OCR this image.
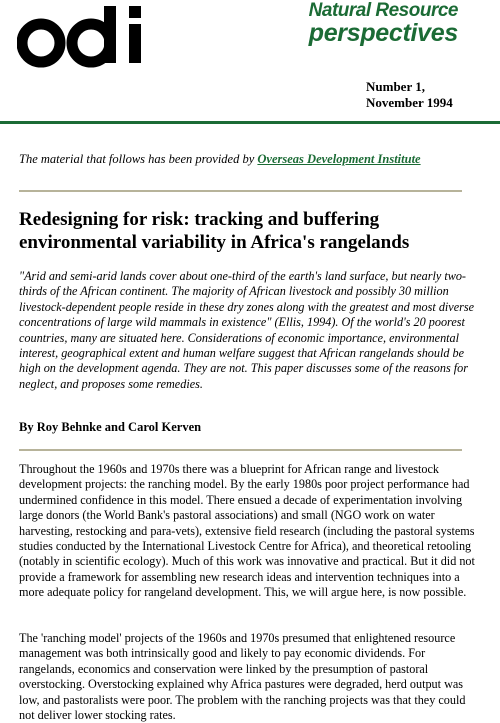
Natural Resource
perspectives
Number 1,
November 1994
The material that follows has been provided by Overseas Development Institute
Redesigning for risk: tracking and buffering environmental variability in Africa's rangelands

"Arid and semi-arid lands cover about one-third of the earth's land surface, but nearly two-thirds of the African continent. The majority of African livestock and possibly 30 million livestock-dependent people reside in these dry zones along with the greatest and most diverse concentrations of large wild mammals in existence" (Ellis, 1994). Of the world's 20 poorest countries, many are situated here. Considerations of economic importance, environmental interest, geographical extent and human welfare suggest that African rangelands should be high on the development agenda. They are not. This paper discusses some of the reasons for neglect, and proposes some remedies.

By Roy Behnke and Carol Kerven

Throughout the 1960s and 1970s there was a blueprint for African range and livestock development projects: the ranching model. By the early 1980s poor project performance had undermined confidence in this model. There ensued a decade of experimentation involving large donors (the World Bank's pastoral associations) and small (NGO work on water harvesting, restocking and para-vets), extensive field research (including the pastoral systems studies conducted by the International Livestock Centre for Africa), and theoretical retooling (notably in scientific ecology). Much of this work was innovative and practical. But it did not provide a framework for assembling new research ideas and intervention techniques into a more adequate policy for rangeland development. This, we will argue here, is now possible.

The 'ranching model' projects of the 1960s and 1970s presumed that enlightened resource management was both intrinsically good and likely to pay economic dividends. For rangelands, economics and conservation were linked by the presumption of pastoral overstocking. Overstocking explained why Africa pastures were degraded, herd output was low, and pastoralists were poor. The problem with the ranching projects was that they could not deliver lower stocking rates.
